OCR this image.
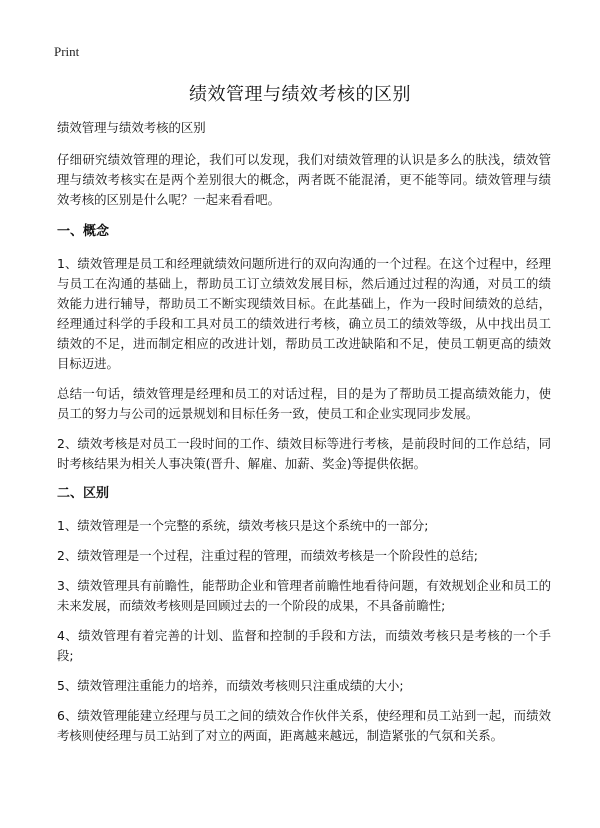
Print
绩效管理与绩效考核的区别

绩效管理与绩效考核的区别

仔细研究绩效管理的理论，我们可以发现，我们对绩效管理的认识是多么的肤浅，绩效管理与绩效考核实在是两个差别很大的概念，两者既不能混淆，更不能等同。绩效管理与绩效考核的区别是什么呢？一起来看看吧。

一、概念

1、绩效管理是员工和经理就绩效问题所进行的双向沟通的一个过程。在这个过程中，经理与员工在沟通的基础上，帮助员工订立绩效发展目标，然后通过过程的沟通，对员工的绩效能力进行辅导，帮助员工不断实现绩效目标。在此基础上，作为一段时间绩效的总结，经理通过科学的手段和工具对员工的绩效进行考核，确立员工的绩效等级，从中找出员工绩效的不足，进而制定相应的改进计划，帮助员工改进缺陷和不足，使员工朝更高的绩效目标迈进。

总结一句话，绩效管理是经理和员工的对话过程，目的是为了帮助员工提高绩效能力，使员工的努力与公司的远景规划和目标任务一致，使员工和企业实现同步发展。

2、绩效考核是对员工一段时间的工作、绩效目标等进行考核，是前段时间的工作总结，同时考核结果为相关人事决策(晋升、解雇、加薪、奖金)等提供依据。

二、区别

1、绩效管理是一个完整的系统，绩效考核只是这个系统中的一部分;

2、绩效管理是一个过程，注重过程的管理，而绩效考核是一个阶段性的总结;

3、绩效管理具有前瞻性，能帮助企业和管理者前瞻性地看待问题，有效规划企业和员工的未来发展，而绩效考核则是回顾过去的一个阶段的成果，不具备前瞻性;

4、绩效管理有着完善的计划、监督和控制的手段和方法，而绩效考核只是考核的一个手段;

5、绩效管理注重能力的培养，而绩效考核则只注重成绩的大小;

6、绩效管理能建立经理与员工之间的绩效合作伙伴关系，使经理和员工站到一起，而绩效考核则使经理与员工站到了对立的两面，距离越来越远，制造紧张的气氛和关系。
